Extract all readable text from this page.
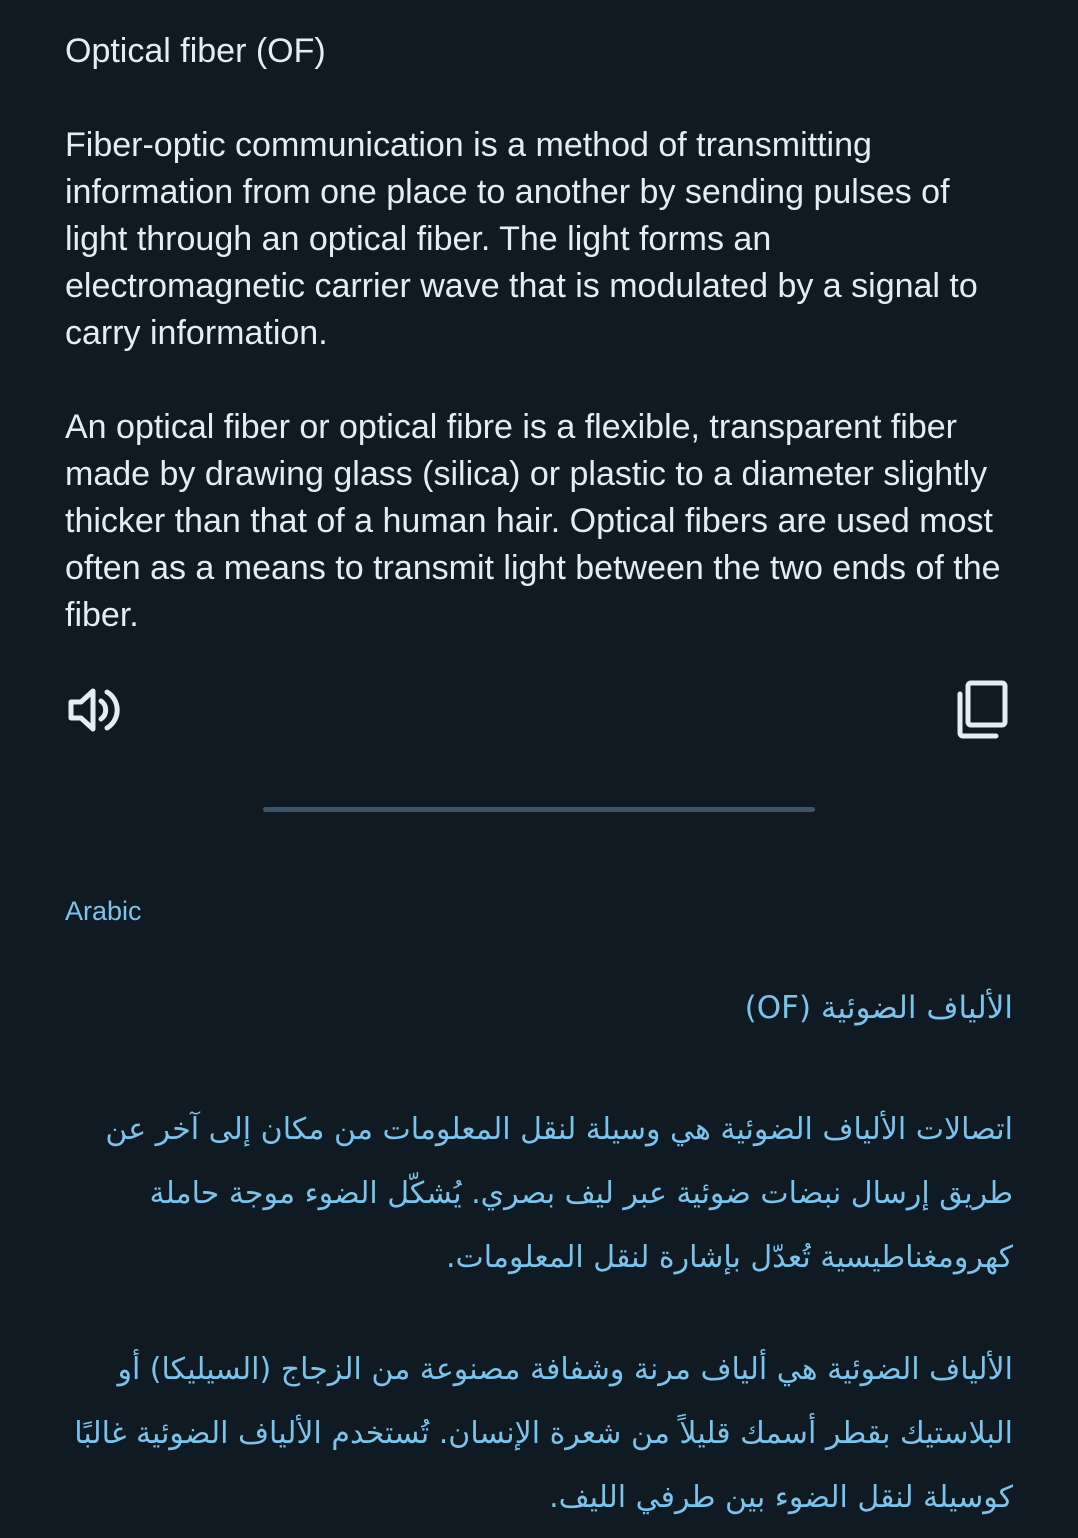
Optical fiber (OF)

Fiber-optic communication is a method of transmitting information from one place to another by sending pulses of light through an optical fiber. The light forms an electromagnetic carrier wave that is modulated by a signal to carry information.

An optical fiber or optical fibre is a flexible, transparent fiber made by drawing glass (silica) or plastic to a diameter slightly thicker than that of a human hair. Optical fibers are used most often as a means to transmit light between the two ends of the fiber.

Arabic

الألياف الضوئية (OF)

اتصالات الألياف الضوئية هي وسيلة لنقل المعلومات من مكان إلى آخر عن طريق إرسال نبضات ضوئية عبر ليف بصري. يُشكّل الضوء موجة حاملة كهرومغناطيسية تُعدّل بإشارة لنقل المعلومات.

الألياف الضوئية هي ألياف مرنة وشفافة مصنوعة من الزجاج (السيليكا) أو البلاستيك بقطر أسمك قليلاً من شعرة الإنسان. تُستخدم الألياف الضوئية غالبًا كوسيلة لنقل الضوء بين طرفي الليف.
